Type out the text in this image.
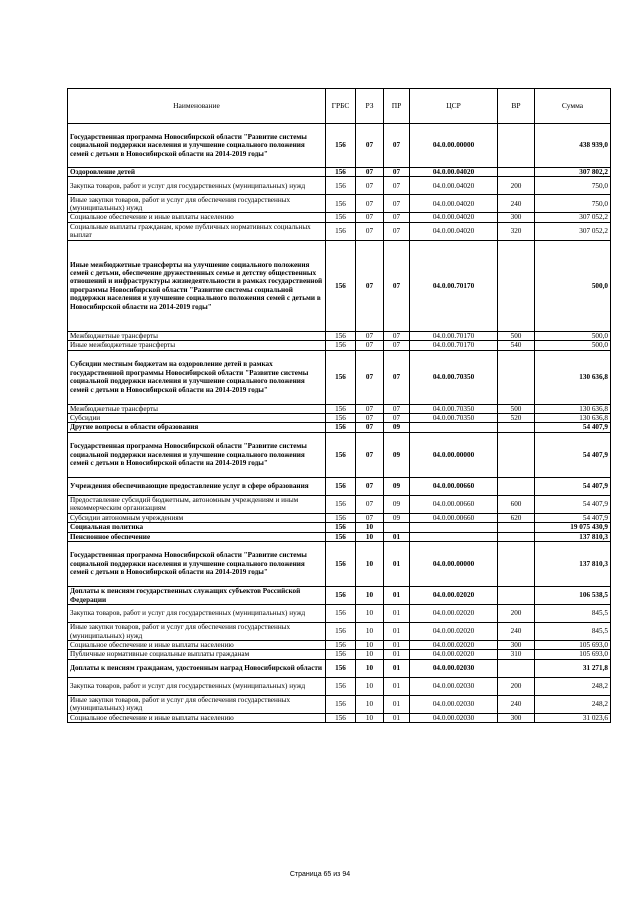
Наименование	ГРБС	РЗ	ПР	ЦСР	ВР	Сумма
Государственная программа Новосибирской области "Развитие системы социальной поддержки населения и улучшение социального положения семей с детьми в Новосибирской области на 2014-2019 годы"	156	07	07	04.0.00.00000		438 939,0
Оздоровление детей	156	07	07	04.0.00.04020		307 802,2
Закупка товаров, работ и услуг для государственных (муниципальных) нужд	156	07	07	04.0.00.04020	200	750,0
Иные закупки товаров, работ и услуг для обеспечения государственных (муниципальных) нужд	156	07	07	04.0.00.04020	240	750,0
Социальное обеспечение и иные выплаты населению	156	07	07	04.0.00.04020	300	307 052,2
Социальные выплаты гражданам, кроме публичных нормативных социальных выплат	156	07	07	04.0.00.04020	320	307 052,2
Иные межбюджетные трансферты на улучшение социального положения семей с детьми, обеспечение дружественных семье и детству общественных отношений и инфраструктуры жизнедеятельности в рамках государственной программы Новосибирской области "Развитие системы социальной поддержки населения и улучшение социального положения семей с детьми в Новосибирской области на 2014-2019 годы"	156	07	07	04.0.00.70170		500,0
Межбюджетные трансферты	156	07	07	04.0.00.70170	500	500,0
Иные межбюджетные трансферты	156	07	07	04.0.00.70170	540	500,0
Субсидии местным бюджетам на оздоровление детей в рамках государственной программы Новосибирской области "Развитие системы социальной поддержки населения и улучшение социального положения семей с детьми в Новосибирской области на 2014-2019 годы"	156	07	07	04.0.00.70350		130 636,8
Межбюджетные трансферты	156	07	07	04.0.00.70350	500	130 636,8
Субсидии	156	07	07	04.0.00.70350	520	130 636,8
Другие вопросы в области образования	156	07	09			54 407,9
Государственная программа Новосибирской области "Развитие системы социальной поддержки населения и улучшение социального положения семей с детьми в Новосибирской области на 2014-2019 годы"	156	07	09	04.0.00.00000		54 407,9
Учреждения обеспечивающие предоставление услуг в сфере образования	156	07	09	04.0.00.00660		54 407,9
Предоставление субсидий бюджетным, автономным учреждениям и иным некоммерческим организациям	156	07	09	04.0.00.00660	600	54 407,9
Субсидии автономным учреждениям	156	07	09	04.0.00.00660	620	54 407,9
Социальная политика	156	10				19 075 430,9
Пенсионное обеспечение	156	10	01			137 810,3
Государственная программа Новосибирской области "Развитие системы социальной поддержки населения и улучшение социального положения семей с детьми в Новосибирской области на 2014-2019 годы"	156	10	01	04.0.00.00000		137 810,3
Доплаты к пенсиям государственных служащих субъектов Российской Федерации	156	10	01	04.0.00.02020		106 538,5
Закупка товаров, работ и услуг для государственных (муниципальных) нужд	156	10	01	04.0.00.02020	200	845,5
Иные закупки товаров, работ и услуг для обеспечения государственных (муниципальных) нужд	156	10	01	04.0.00.02020	240	845,5
Социальное обеспечение и иные выплаты населению	156	10	01	04.0.00.02020	300	105 693,0
Публичные нормативные социальные выплаты гражданам	156	10	01	04.0.00.02020	310	105 693,0
Доплаты к пенсиям гражданам, удостоенным наград Новосибирской области	156	10	01	04.0.00.02030		31 271,8
Закупка товаров, работ и услуг для государственных (муниципальных) нужд	156	10	01	04.0.00.02030	200	248,2
Иные закупки товаров, работ и услуг для обеспечения государственных (муниципальных) нужд	156	10	01	04.0.00.02030	240	248,2
Социальное обеспечение и иные выплаты населению	156	10	01	04.0.00.02030	300	31 023,6
Страница 65 из 94
